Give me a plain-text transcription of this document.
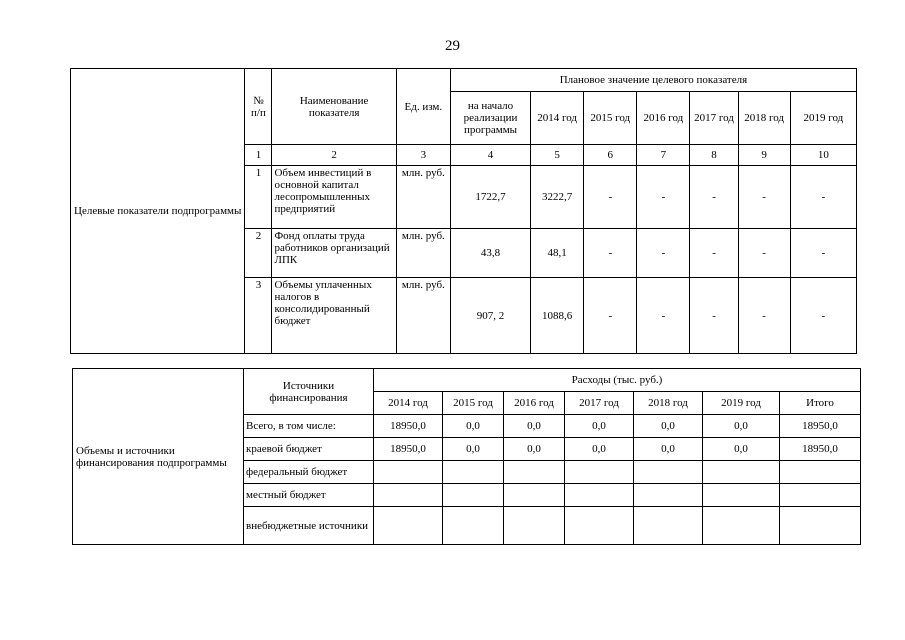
29
Целевые показатели подпрограммы	№ п/п	Наименование показателя	Ед. изм.	Плановое значение целевого показателя						
				на начало реализации программы	2014 год	2015 год	2016 год	2017 год	2018 год	2019 год
	1	2	3	4	5	6	7	8	9	10
	1	Объем инвестиций в основной капитал лесопромышленных предприятий	млн. руб.	1722,7	3222,7	-	-	-	-	-
	2	Фонд оплаты труда работников организаций ЛПК	млн. руб.	43,8	48,1	-	-	-	-	-
	3	Объемы уплаченных налогов в консолидированный бюджет	млн. руб.	907, 2	1088,6	-	-	-	-	-
Объемы и источники финансирования подпрограммы	Источники финансирования	Расходы (тыс. руб.)						
		2014 год	2015 год	2016 год	2017 год	2018 год	2019 год	Итого
	Всего, в том числе:	18950,0	0,0	0,0	0,0	0,0	0,0	18950,0
	краевой бюджет	18950,0	0,0	0,0	0,0	0,0	0,0	18950,0
	федеральный бюджет							
	местный бюджет							
	внебюджетные источники							
